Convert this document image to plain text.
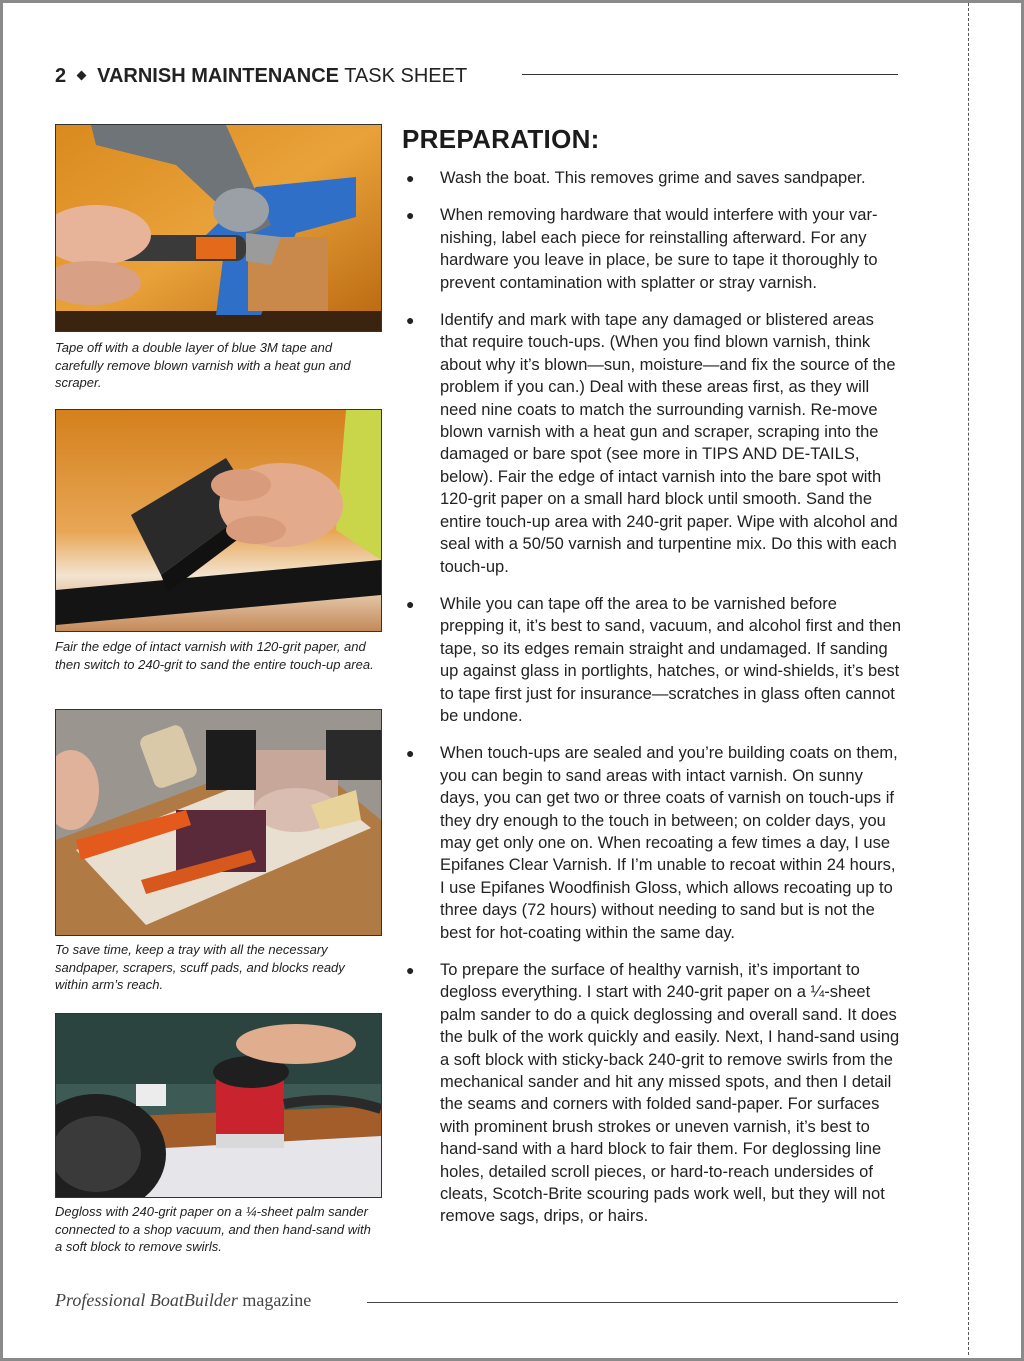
2 VARNISH MAINTENANCE TASK SHEET
Tape off with a double layer of blue 3M tape and carefully remove blown varnish with a heat gun and scraper.
Fair the edge of intact varnish with 120-grit paper, and then switch to 240-grit to sand the entire touch-up area.
To save time, keep a tray with all the necessary sandpaper, scrapers, scuff pads, and blocks ready within arm’s reach.
Degloss with 240-grit paper on a ¼-sheet palm sander connected to a shop vacuum, and then hand-sand with a soft block to remove swirls.
PREPARATION:
● Wash the boat. This removes grime and saves sandpaper.
● When removing hardware that would interfere with your var-nishing, label each piece for reinstalling afterward. For any hardware you leave in place, be sure to tape it thoroughly to prevent contamination with splatter or stray varnish.
● Identify and mark with tape any damaged or blistered areas that require touch-ups. (When you find blown varnish, think about why it’s blown—sun, moisture—and fix the source of the problem if you can.) Deal with these areas first, as they will need nine coats to match the surrounding varnish. Re-move blown varnish with a heat gun and scraper, scraping into the damaged or bare spot (see more in TIPS AND DE-TAILS, below). Fair the edge of intact varnish into the bare spot with 120-grit paper on a small hard block until smooth. Sand the entire touch-up area with 240-grit paper. Wipe with alcohol and seal with a 50/50 varnish and turpentine mix. Do this with each touch-up.
● While you can tape off the area to be varnished before prepping it, it’s best to sand, vacuum, and alcohol first and then tape, so its edges remain straight and undamaged. If sanding up against glass in portlights, hatches, or wind-shields, it’s best to tape first just for insurance—scratches in glass often cannot be undone.
● When touch-ups are sealed and you’re building coats on them, you can begin to sand areas with intact varnish. On sunny days, you can get two or three coats of varnish on touch-ups if they dry enough to the touch in between; on colder days, you may get only one on. When recoating a few times a day, I use Epifanes Clear Varnish. If I’m unable to recoat within 24 hours, I use Epifanes Woodfinish Gloss, which allows recoating up to three days (72 hours) without needing to sand but is not the best for hot-coating within the same day.
● To prepare the surface of healthy varnish, it’s important to degloss everything. I start with 240-grit paper on a ¼-sheet palm sander to do a quick deglossing and overall sand. It does the bulk of the work quickly and easily. Next, I hand-sand using a soft block with sticky-back 240-grit to remove swirls from the mechanical sander and hit any missed spots, and then I detail the seams and corners with folded sand-paper. For surfaces with prominent brush strokes or uneven varnish, it’s best to hand-sand with a hard block to fair them. For deglossing line holes, detailed scroll pieces, or hard-to-reach undersides of cleats, Scotch-Brite scouring pads work well, but they will not remove sags, drips, or hairs.
Professional BoatBuilder magazine
